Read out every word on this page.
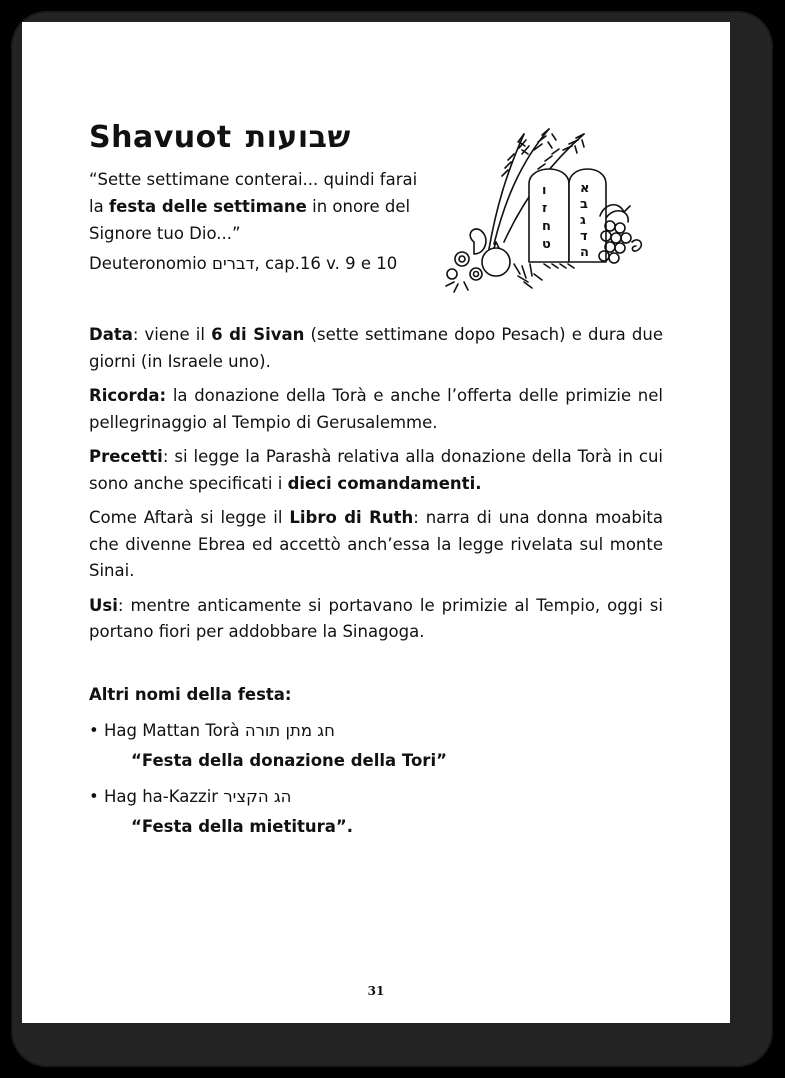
Shavuot שבועות

“Sette settimane conterai... quindi farai la festa delle settimane in onore del Signore tuo Dio...”

Deuteronomio דברים, cap.16 v. 9 e 10

ו
ז
ח
ט
א
ב
ג
ד
ה

Data: viene il 6 di Sivan (sette settimane dopo Pesach) e dura due giorni (in Israele uno).

Ricorda: la donazione della Torà e anche l’offerta delle primizie nel pellegrinaggio al Tempio di Gerusalemme.

Precetti: si legge la Parashà relativa alla donazione della Torà in cui sono anche specificati i dieci comandamenti.

Come Aftarà si legge il Libro di Ruth: narra di una donna moabita che divenne Ebrea ed accettò anch’essa la legge rivelata sul monte Sinai.

Usi: mentre anticamente si portavano le primizie al Tempio, oggi si portano fiori per addobbare la Sinagoga.

Altri nomi della festa:

• Hag Mattan Torà חג מתן תורה

“Festa della donazione della Tori”

• Hag ha-Kazzir הג הקציר

“Festa della mietitura”.

31
